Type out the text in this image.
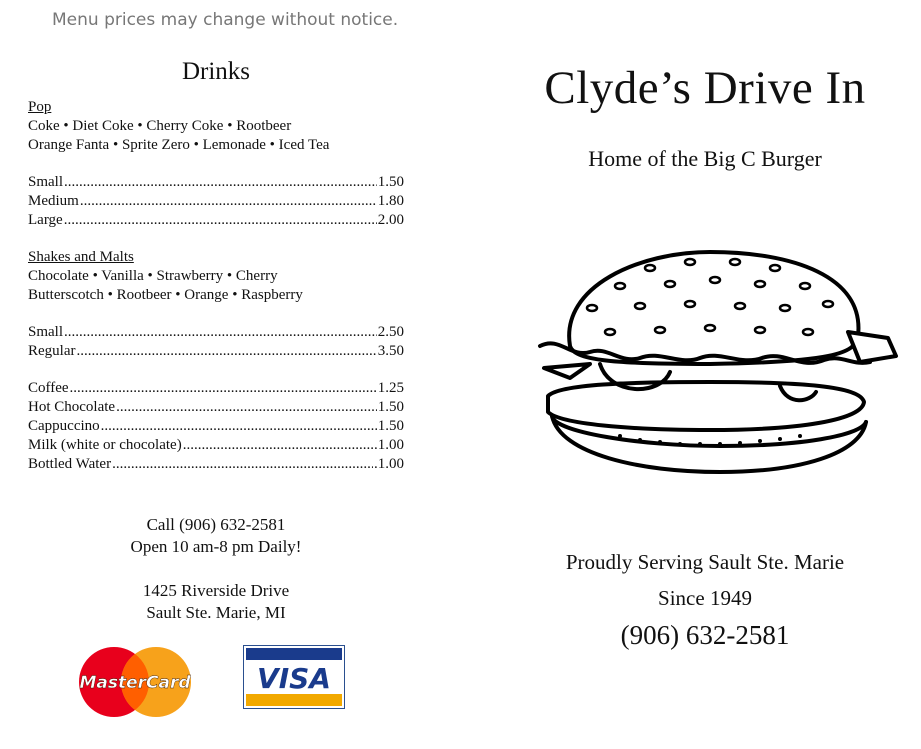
Menu prices may change without notice.
Drinks
Pop
Coke • Diet Coke • Cherry Coke • Rootbeer
Orange Fanta • Sprite Zero • Lemonade • Iced Tea
Small .....	1.50
Medium .....	1.80
Large .....	2.00
Shakes and Malts
Chocolate • Vanilla • Strawberry • Cherry
Butterscotch • Rootbeer • Orange • Raspberry
Small .....	2.50
Regular .....	3.50
Coffee .....	1.25
Hot Chocolate .....	1.50
Cappuccino .....	1.50
Milk (white or chocolate) .....	.1.00
Bottled Water .....	.1.00
Call (906) 632-2581
Open 10 am-8 pm Daily!
1425 Riverside Drive
Sault Ste. Marie, MI
MasterCard VISA
Clyde’s Drive In
Home of the Big C Burger
Proudly Serving Sault Ste. Marie
Since 1949
(906) 632-2581
